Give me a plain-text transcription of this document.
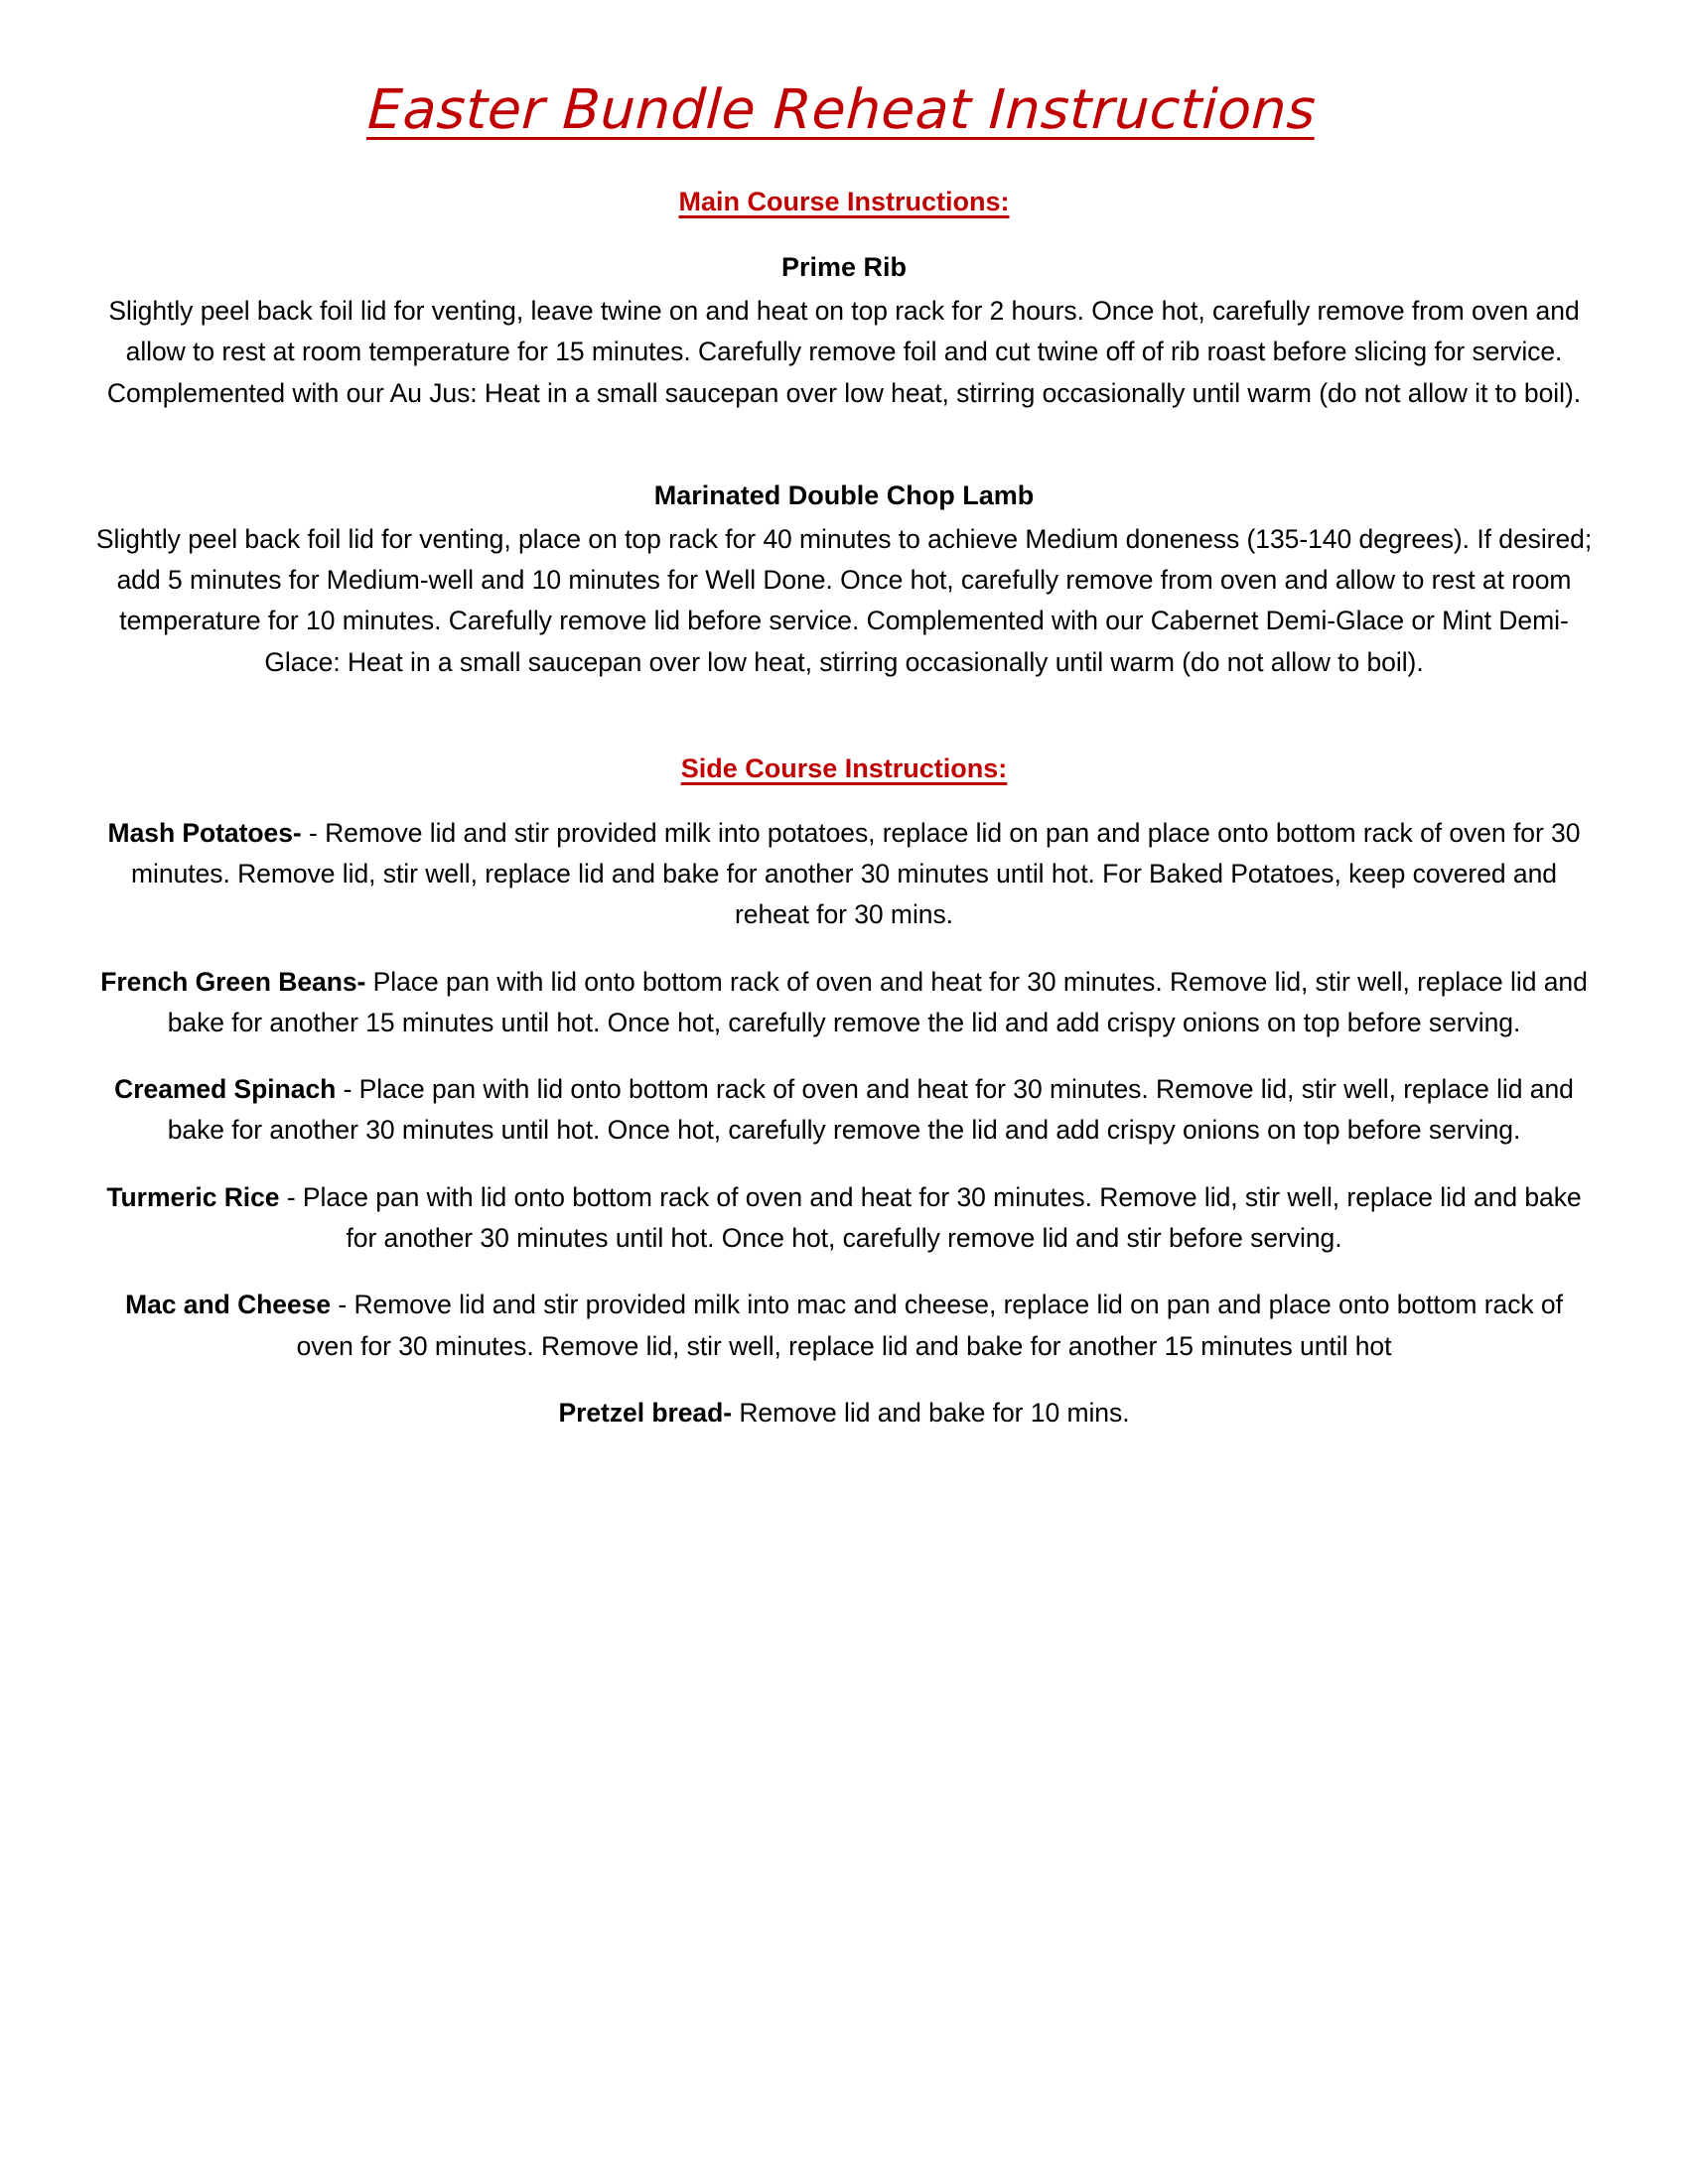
Easter Bundle Reheat Instructions
Main Course Instructions:
Prime Rib

Slightly peel back foil lid for venting, leave twine on and heat on top rack for 2 hours. Once hot, carefully remove from oven and allow to rest at room temperature for 15 minutes. Carefully remove foil and cut twine off of rib roast before slicing for service. Complemented with our Au Jus: Heat in a small saucepan over low heat, stirring occasionally until warm (do not allow it to boil).

Marinated Double Chop Lamb

Slightly peel back foil lid for venting, place on top rack for 40 minutes to achieve Medium doneness (135-140 degrees). If desired; add 5 minutes for Medium-well and 10 minutes for Well Done. Once hot, carefully remove from oven and allow to rest at room temperature for 10 minutes. Carefully remove lid before service. Complemented with our Cabernet Demi-Glace or Mint Demi-Glace: Heat in a small saucepan over low heat, stirring occasionally until warm (do not allow to boil).

Side Course Instructions:

Mash Potatoes- - Remove lid and stir provided milk into potatoes, replace lid on pan and place onto bottom rack of oven for 30 minutes. Remove lid, stir well, replace lid and bake for another 30 minutes until hot. For Baked Potatoes, keep covered and reheat for 30 mins.

French Green Beans- Place pan with lid onto bottom rack of oven and heat for 30 minutes. Remove lid, stir well, replace lid and bake for another 15 minutes until hot. Once hot, carefully remove the lid and add crispy onions on top before serving.

Creamed Spinach - Place pan with lid onto bottom rack of oven and heat for 30 minutes. Remove lid, stir well, replace lid and bake for another 30 minutes until hot. Once hot, carefully remove the lid and add crispy onions on top before serving.

Turmeric Rice - Place pan with lid onto bottom rack of oven and heat for 30 minutes. Remove lid, stir well, replace lid and bake for another 30 minutes until hot. Once hot, carefully remove lid and stir before serving.

Mac and Cheese - Remove lid and stir provided milk into mac and cheese, replace lid on pan and place onto bottom rack of oven for 30 minutes. Remove lid, stir well, replace lid and bake for another 15 minutes until hot

Pretzel bread- Remove lid and bake for 10 mins.
